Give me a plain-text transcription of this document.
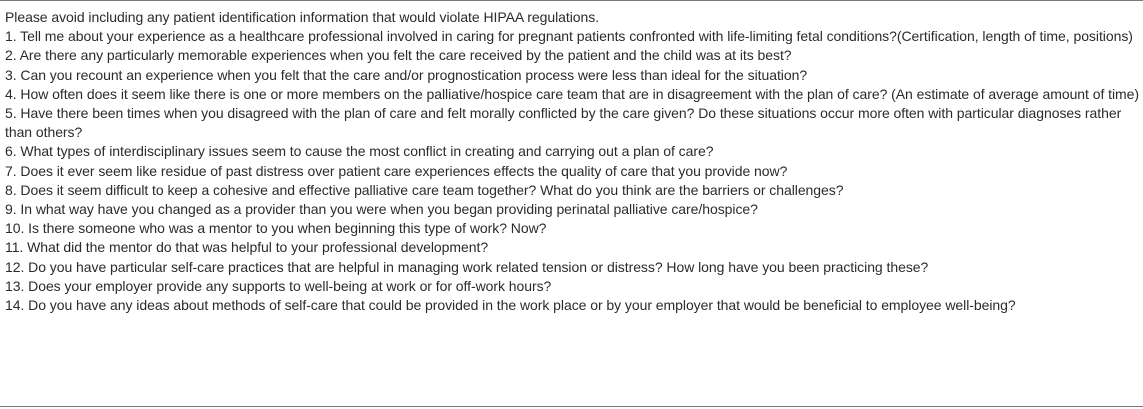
Please avoid including any patient identification information that would violate HIPAA regulations.

1. Tell me about your experience as a healthcare professional involved in caring for pregnant patients confronted with life-limiting fetal conditions?(Certification, length of time, positions)

2. Are there any particularly memorable experiences when you felt the care received by the patient and the child was at its best?

3. Can you recount an experience when you felt that the care and/or prognostication process were less than ideal for the situation?

4. How often does it seem like there is one or more members on the palliative/hospice care team that are in disagreement with the plan of care? (An estimate of average amount of time)

5. Have there been times when you disagreed with the plan of care and felt morally conflicted by the care given? Do these situations occur more often with particular diagnoses rather than others?

6. What types of interdisciplinary issues seem to cause the most conflict in creating and carrying out a plan of care?

7. Does it ever seem like residue of past distress over patient care experiences effects the quality of care that you provide now?

8. Does it seem difficult to keep a cohesive and effective palliative care team together? What do you think are the barriers or challenges?

9. In what way have you changed as a provider than you were when you began providing perinatal palliative care/hospice?

10. Is there someone who was a mentor to you when beginning this type of work? Now?

11. What did the mentor do that was helpful to your professional development?

12. Do you have particular self-care practices that are helpful in managing work related tension or distress? How long have you been practicing these?

13. Does your employer provide any supports to well-being at work or for off-work hours?

14. Do you have any ideas about methods of self-care that could be provided in the work place or by your employer that would be beneficial to employee well-being?
